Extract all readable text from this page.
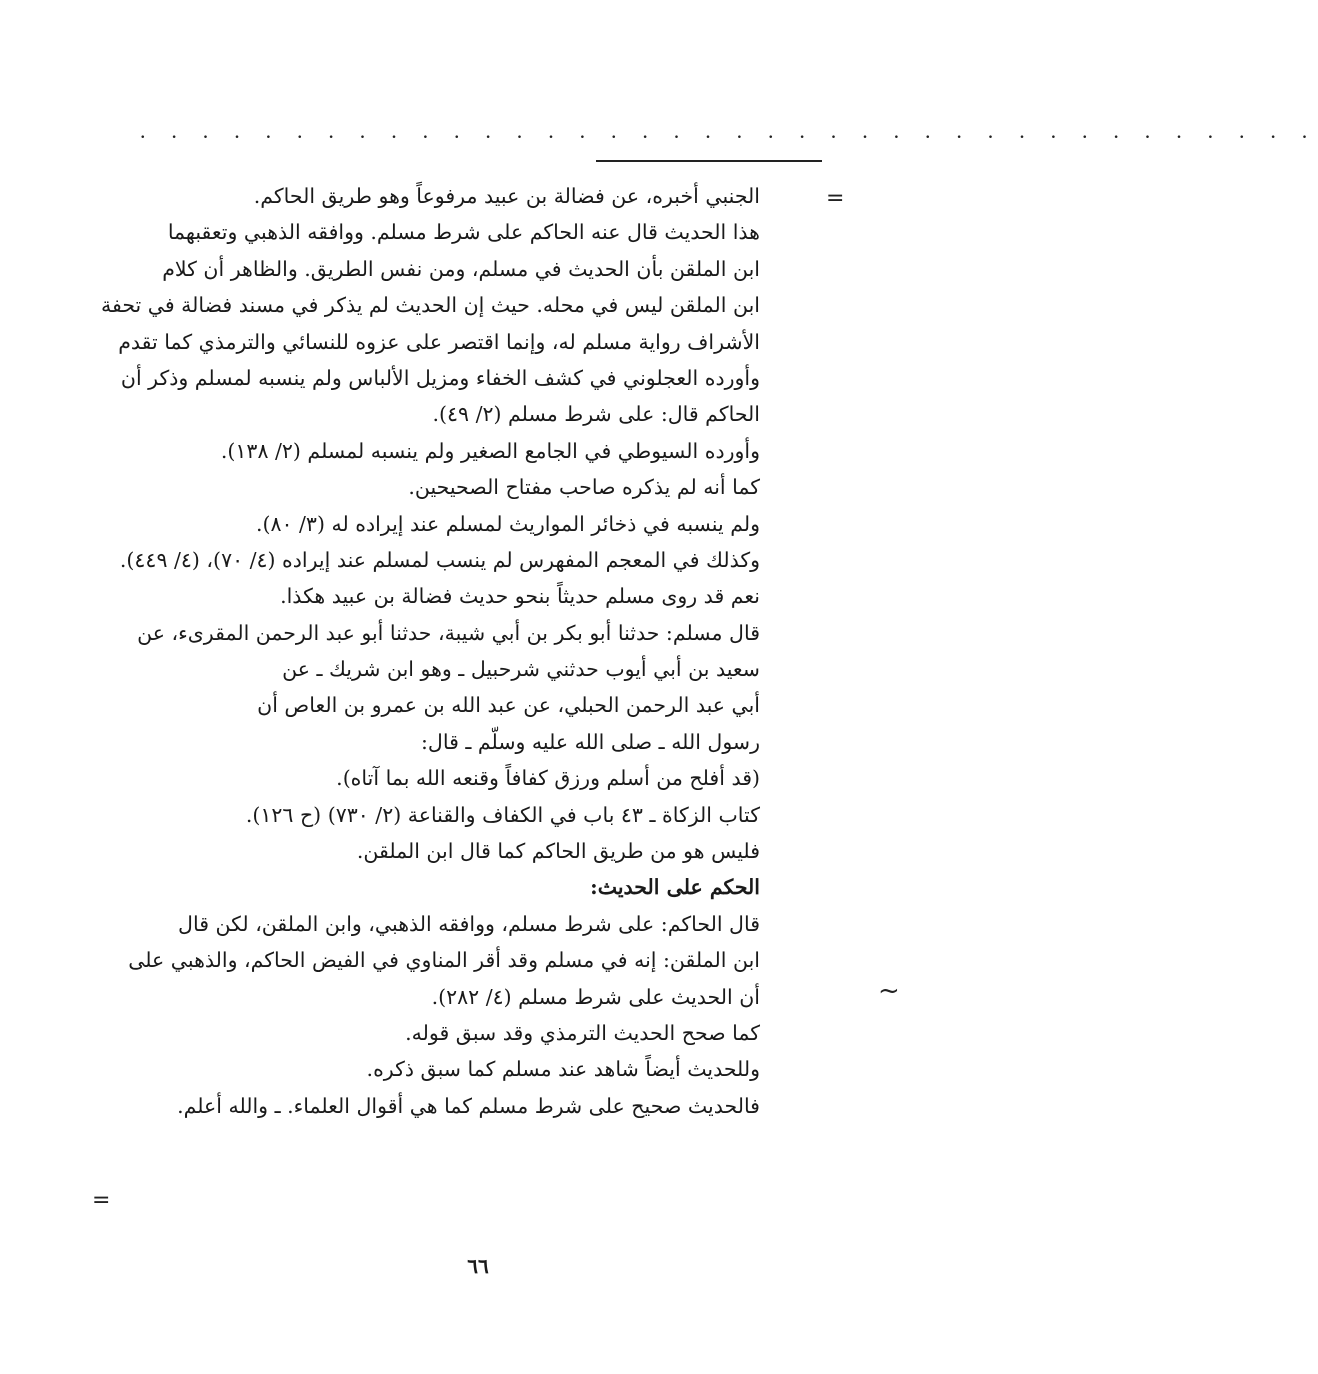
. . . . . . . . . . . . . . . . . . . . . . . . . . . . . . . . . . . . . .
=
~
=
الجنبي أخبره، عن فضالة بن عبيد مرفوعاً وهو طريق الحاكم.
هذا الحديث قال عنه الحاكم على شرط مسلم. ووافقه الذهبي وتعقبهما
ابن الملقن بأن الحديث في مسلم، ومن نفس الطريق. والظاهر أن كلام
ابن الملقن ليس في محله. حيث إن الحديث لم يذكر في مسند فضالة في تحفة
الأشراف رواية مسلم له، وإنما اقتصر على عزوه للنسائي والترمذي كما تقدم
وأورده العجلوني في كشف الخفاء ومزيل الألباس ولم ينسبه لمسلم وذكر أن
الحاكم قال: على شرط مسلم (٢/ ٤٩).
وأورده السيوطي في الجامع الصغير ولم ينسبه لمسلم (٢/ ١٣٨).
كما أنه لم يذكره صاحب مفتاح الصحيحين.
ولم ينسبه في ذخائر المواريث لمسلم عند إيراده له (٣/ ٨٠).
وكذلك في المعجم المفهرس لم ينسب لمسلم عند إيراده (٤/ ٧٠)، (٤/ ٤٤٩).
نعم قد روى مسلم حديثاً بنحو حديث فضالة بن عبيد هكذا.
قال مسلم: حدثنا أبو بكر بن أبي شيبة، حدثنا أبو عبد الرحمن المقرىء، عن
سعيد بن أبي أيوب حدثني شرحبيل ـ وهو ابن شريك ـ عن
أبي عبد الرحمن الحبلي، عن عبد الله بن عمرو بن العاص أن
رسول الله ـ صلى الله عليه وسلّم ـ قال:
(قد أفلح من أسلم ورزق كفافاً وقنعه الله بما آتاه).
كتاب الزكاة ـ ٤٣ باب في الكفاف والقناعة (٢/ ٧٣٠) (ح ١٢٦).
فليس هو من طريق الحاكم كما قال ابن الملقن.
الحكم على الحديث:
قال الحاكم: على شرط مسلم، ووافقه الذهبي، وابن الملقن، لكن قال
ابن الملقن: إنه في مسلم وقد أقر المناوي في الفيض الحاكم، والذهبي على
أن الحديث على شرط مسلم (٤/ ٢٨٢).
كما صحح الحديث الترمذي وقد سبق قوله.
وللحديث أيضاً شاهد عند مسلم كما سبق ذكره.
فالحديث صحيح على شرط مسلم كما هي أقوال العلماء. ـ والله أعلم.
٦٦
